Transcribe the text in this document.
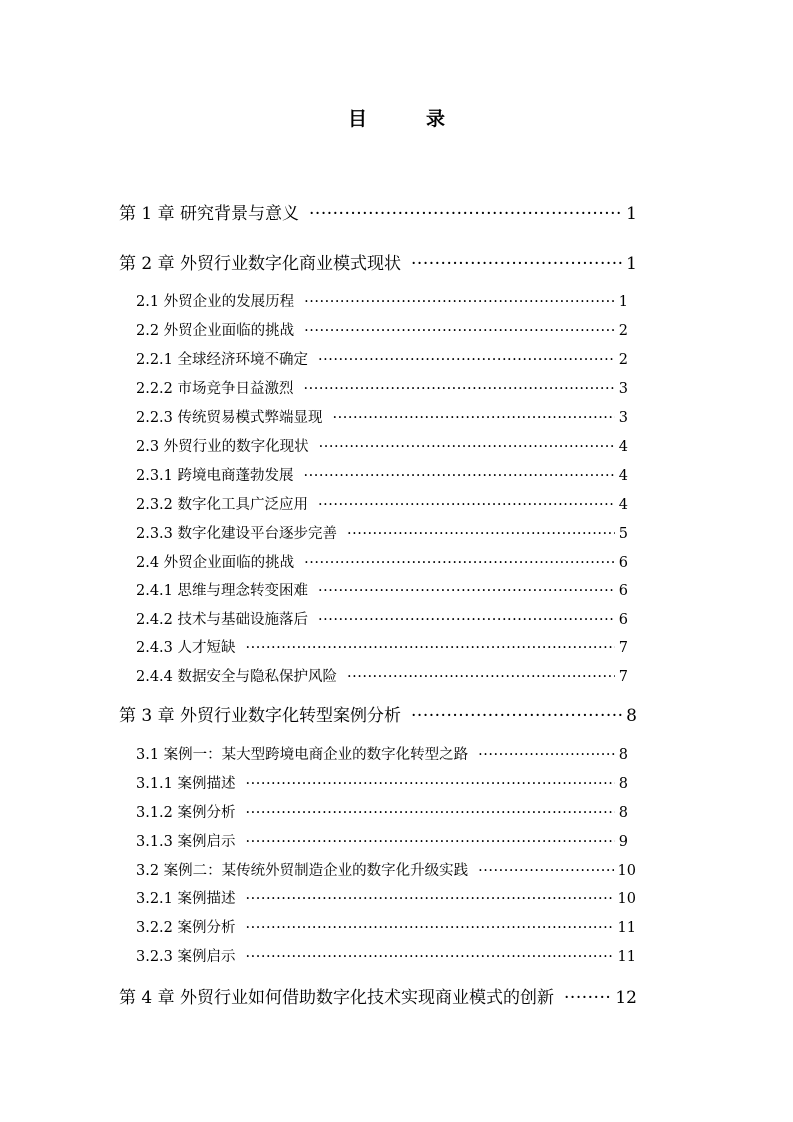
目　录
第 1 章 研究背景与意义 ·····	1
第 2 章 外贸行业数字化商业模式现状 ·····	1
2.1 外贸企业的发展历程 ·····	1
2.2 外贸企业面临的挑战 ·····	2
2.2.1 全球经济环境不确定 ·····	2
2.2.2 市场竞争日益激烈 ·····	3
2.2.3 传统贸易模式弊端显现 ·····	3
2.3 外贸行业的数字化现状 ·····	4
2.3.1 跨境电商蓬勃发展 ·····	4
2.3.2 数字化工具广泛应用 ·····	4
2.3.3 数字化建设平台逐步完善 ·····	5
2.4 外贸企业面临的挑战 ·····	6
2.4.1 思维与理念转变困难 ·····	6
2.4.2 技术与基础设施落后 ·····	6
2.4.3 人才短缺 ·····	7
2.4.4 数据安全与隐私保护风险 ·····	7
第 3 章 外贸行业数字化转型案例分析 ·····	8
3.1 案例一：某大型跨境电商企业的数字化转型之路 ·····	8
3.1.1 案例描述 ·····	8
3.1.2 案例分析 ·····	8
3.1.3 案例启示 ·····	9
3.2 案例二：某传统外贸制造企业的数字化升级实践 ·····	10
3.2.1 案例描述 ·····	10
3.2.2 案例分析 ·····	11
3.2.3 案例启示 ·····	11
第 4 章 外贸行业如何借助数字化技术实现商业模式的创新 ·····	12
